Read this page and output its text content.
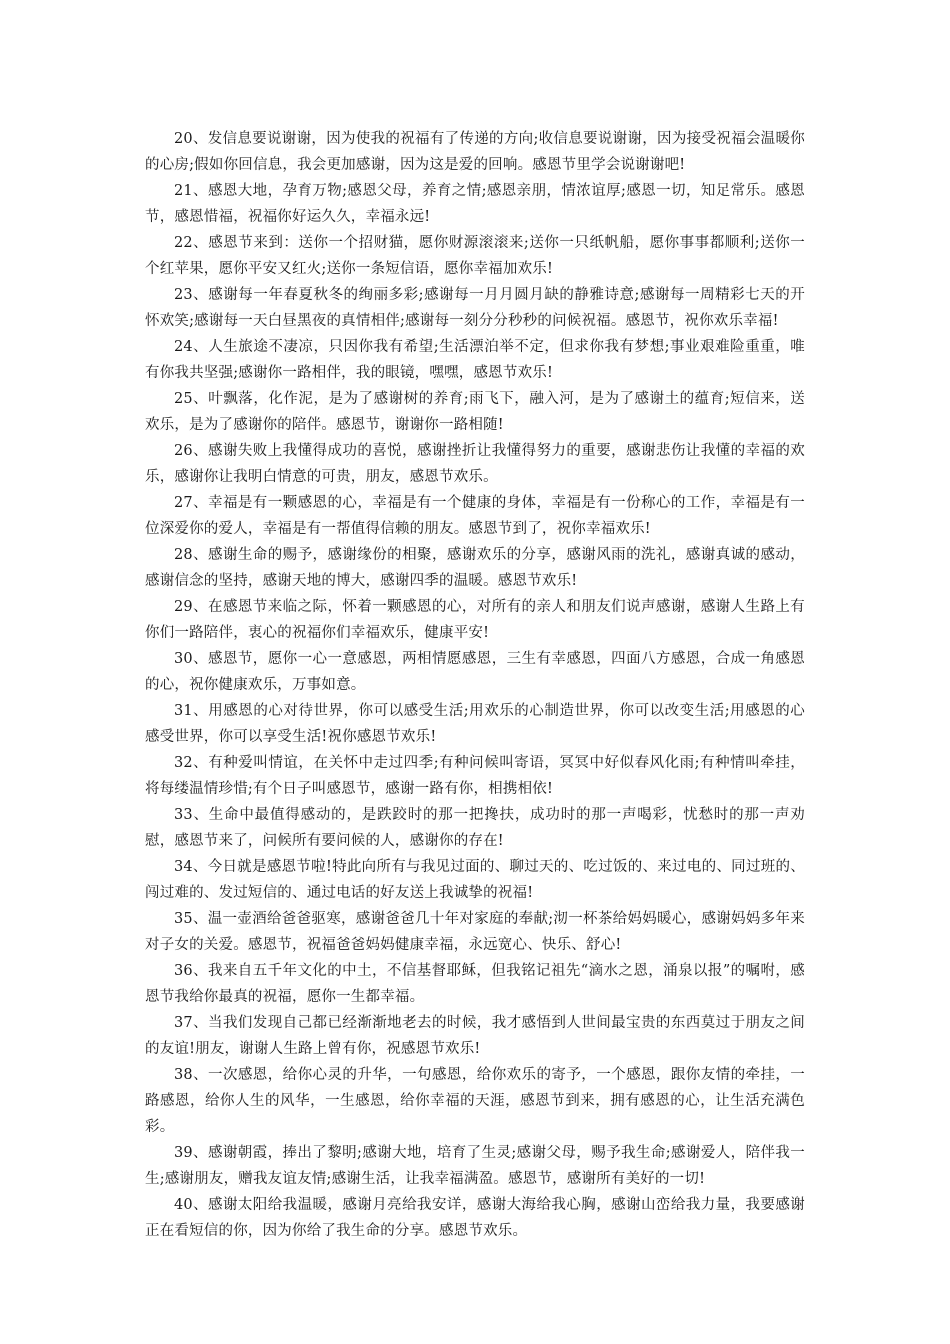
20、发信息要说谢谢，因为使我的祝福有了传递的方向;收信息要说谢谢，因为接受祝福会温暖你的心房;假如你回信息，我会更加感谢，因为这是爱的回响。感恩节里学会说谢谢吧!

21、感恩大地，孕育万物;感恩父母，养育之情;感恩亲朋，情浓谊厚;感恩一切，知足常乐。感恩节，感恩惜福，祝福你好运久久，幸福永远!

22、感恩节来到：送你一个招财猫，愿你财源滚滚来;送你一只纸帆船，愿你事事都顺利;送你一个红苹果，愿你平安又红火;送你一条短信语，愿你幸福加欢乐!

23、感谢每一年春夏秋冬的绚丽多彩;感谢每一月月圆月缺的静雅诗意;感谢每一周精彩七天的开怀欢笑;感谢每一天白昼黑夜的真情相伴;感谢每一刻分分秒秒的问候祝福。感恩节，祝你欢乐幸福!

24、人生旅途不凄凉，只因你我有希望;生活漂泊举不定，但求你我有梦想;事业艰难险重重，唯有你我共坚强;感谢你一路相伴，我的眼镜，嘿嘿，感恩节欢乐!

25、叶飘落，化作泥，是为了感谢树的养育;雨飞下，融入河，是为了感谢土的蕴育;短信来，送欢乐，是为了感谢你的陪伴。感恩节，谢谢你一路相随!

26、感谢失败上我懂得成功的喜悦，感谢挫折让我懂得努力的重要，感谢悲伤让我懂的幸福的欢乐，感谢你让我明白情意的可贵，朋友，感恩节欢乐。

27、幸福是有一颗感恩的心，幸福是有一个健康的身体，幸福是有一份称心的工作，幸福是有一位深爱你的爱人，幸福是有一帮值得信赖的朋友。感恩节到了，祝你幸福欢乐!

28、感谢生命的赐予，感谢缘份的相聚，感谢欢乐的分享，感谢风雨的洗礼，感谢真诚的感动，感谢信念的坚持，感谢天地的博大，感谢四季的温暖。感恩节欢乐!

29、在感恩节来临之际，怀着一颗感恩的心，对所有的亲人和朋友们说声感谢，感谢人生路上有你们一路陪伴，衷心的祝福你们幸福欢乐，健康平安!

30、感恩节，愿你一心一意感恩，两相情愿感恩，三生有幸感恩，四面八方感恩，合成一角感恩的心，祝你健康欢乐，万事如意。

31、用感恩的心对待世界，你可以感受生活;用欢乐的心制造世界，你可以改变生活;用感恩的心感受世界，你可以享受生活!祝你感恩节欢乐!

32、有种爱叫情谊，在关怀中走过四季;有种问候叫寄语，冥冥中好似春风化雨;有种情叫牵挂，将每缕温情珍惜;有个日子叫感恩节，感谢一路有你，相携相依!

33、生命中最值得感动的，是跌跤时的那一把搀扶，成功时的那一声喝彩，忧愁时的那一声劝慰，感恩节来了，问候所有要问候的人，感谢你的存在!

34、今日就是感恩节啦!特此向所有与我见过面的、聊过天的、吃过饭的、来过电的、同过班的、闯过难的、发过短信的、通过电话的好友送上我诚挚的祝福!

35、温一壶酒给爸爸驱寒，感谢爸爸几十年对家庭的奉献;沏一杯茶给妈妈暖心，感谢妈妈多年来对子女的关爱。感恩节，祝福爸爸妈妈健康幸福，永远宽心、快乐、舒心!

36、我来自五千年文化的中土，不信基督耶稣，但我铭记祖先“滴水之恩，涌泉以报”的嘱咐，感恩节我给你最真的祝福，愿你一生都幸福。

37、当我们发现自己都已经渐渐地老去的时候，我才感悟到人世间最宝贵的东西莫过于朋友之间的友谊!朋友，谢谢人生路上曾有你，祝感恩节欢乐!

38、一次感恩，给你心灵的升华，一句感恩，给你欢乐的寄予，一个感恩，跟你友情的牵挂，一路感恩，给你人生的风华，一生感恩，给你幸福的天涯，感恩节到来，拥有感恩的心，让生活充满色彩。

39、感谢朝霞，捧出了黎明;感谢大地，培育了生灵;感谢父母，赐予我生命;感谢爱人，陪伴我一生;感谢朋友，赠我友谊友情;感谢生活，让我幸福满盈。感恩节，感谢所有美好的一切!

40、感谢太阳给我温暖，感谢月亮给我安详，感谢大海给我心胸，感谢山峦给我力量，我要感谢正在看短信的你，因为你给了我生命的分享。感恩节欢乐。
